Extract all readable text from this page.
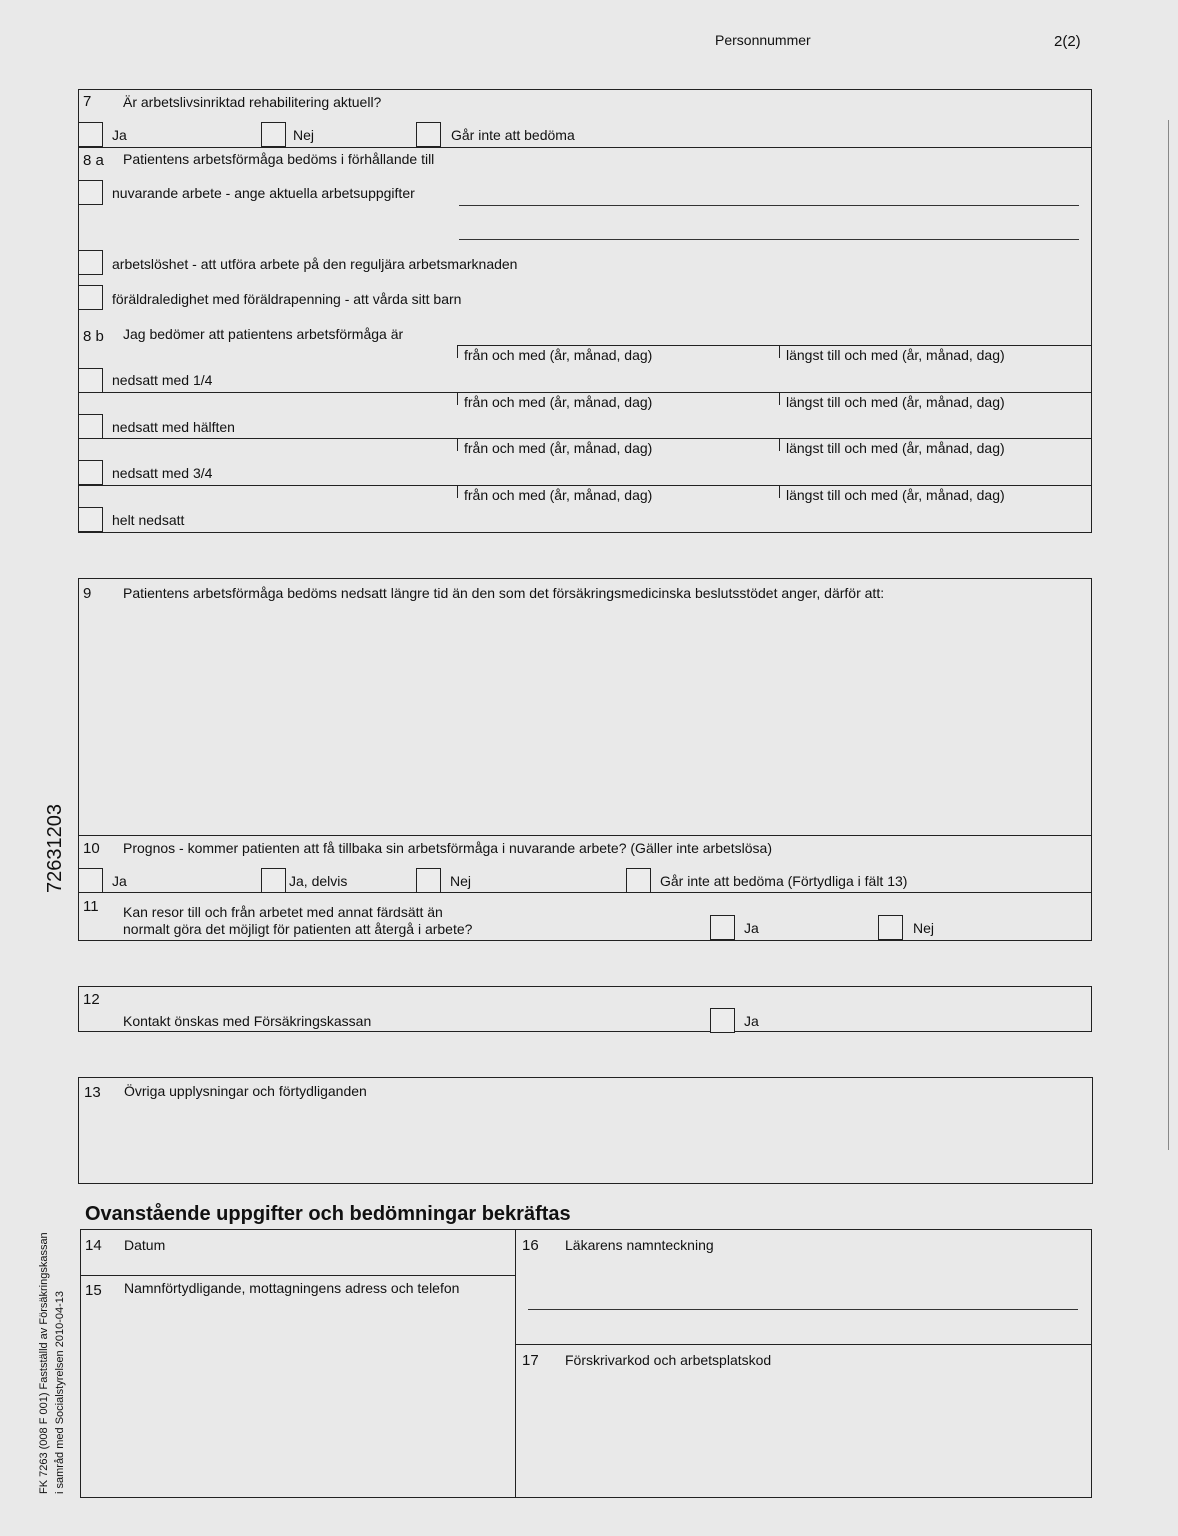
Personnummer	2(2)
72631203
FK 7263 (008 F 001) Fastställd av Försäkringskassan i samråd med Socialstyrelsen 2010-04-13
7 Är arbetslivsinriktad rehabilitering aktuell?
Ja	Nej	Går inte att bedöma
8 a Patientens arbetsförmåga bedöms i förhållande till
nuvarande arbete - ange aktuella arbetsuppgifter
arbetslöshet - att utföra arbete på den reguljära arbetsmarknaden
föräldraledighet med föräldrapenning - att vårda sitt barn
8 b Jag bedömer att patientens arbetsförmåga är
från och med (år, månad, dag)	längst till och med (år, månad, dag)
nedsatt med 1/4
från och med (år, månad, dag)	längst till och med (år, månad, dag)
nedsatt med hälften
från och med (år, månad, dag)	längst till och med (år, månad, dag)
nedsatt med 3/4
från och med (år, månad, dag)	längst till och med (år, månad, dag)
helt nedsatt
9 Patientens arbetsförmåga bedöms nedsatt längre tid än den som det försäkringsmedicinska beslutsstödet anger, därför att:
10 Prognos - kommer patienten att få tillbaka sin arbetsförmåga i nuvarande arbete? (Gäller inte arbetslösa)
Ja	Ja, delvis	Nej	Går inte att bedöma (Förtydliga i fält 13)
11 Kan resor till och från arbetet med annat färdsätt än
normalt göra det möjligt för patienten att återgå i arbete?	Ja	Nej
12
Kontakt önskas med Försäkringskassan	Ja
13 Övriga upplysningar och förtydliganden
Ovanstående uppgifter och bedömningar bekräftas
14 Datum
15 Namnförtydligande, mottagningens adress och telefon
16 Läkarens namnteckning
17 Förskrivarkod och arbetsplatskod
